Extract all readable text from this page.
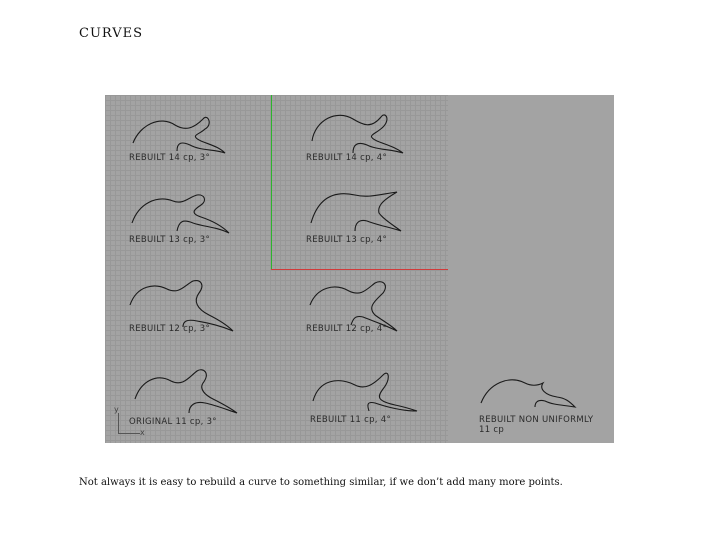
CURVES
REBUILT 14 cp, 3°	REBUILT 14 cp, 4°
REBUILT 13 cp, 3°	REBUILT 13 cp, 4°
REBUILT 12 cp, 3°	REBUILT 12 cp, 4°
ORIGINAL 11 cp, 3°	REBUILT 11 cp, 4°	REBUILT NON UNIFORMLY
11 cp
y
x
Not always it is easy to rebuild a curve to something similar, if we don’t add many more points.
